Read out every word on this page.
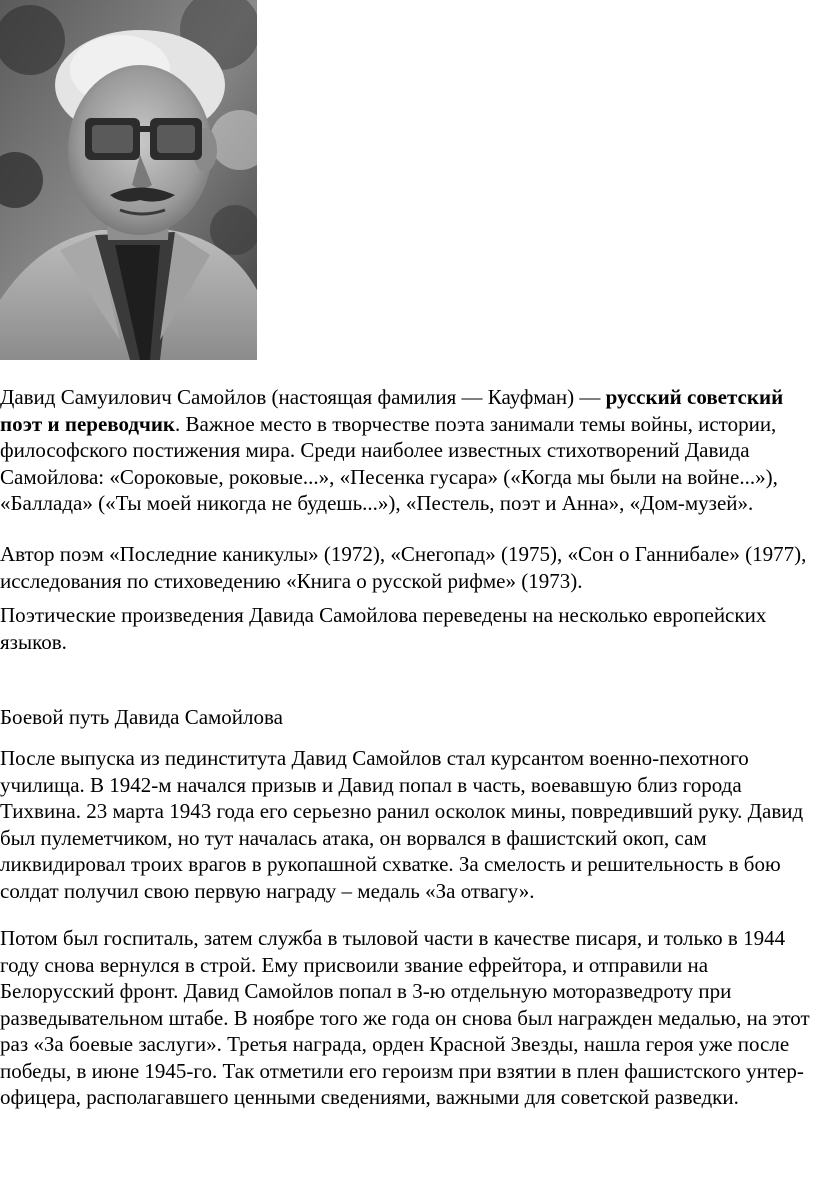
Давид Самуилович Самойлов (настоящая фамилия — Кауфман) — русский советский поэт и переводчик. Важное место в творчестве поэта занимали темы войны, истории, философского постижения мира. Среди наиболее известных стихотворений Давида Самойлова: «Сороковые, роковые...», «Песенка гусара» («Когда мы были на войне...»), «Баллада» («Ты моей никогда не будешь...»), «Пестель, поэт и Анна», «Дом-музей».

Автор поэм «Последние каникулы» (1972), «Снегопад» (1975), «Сон о Ганнибале» (1977), исследования по стиховедению «Книга о русской рифме» (1973).

Поэтические произведения Давида Самойлова переведены на несколько европейских языков.

Боевой путь Давида Самойлова

После выпуска из пединститута Давид Самойлов стал курсантом военно-пехотного училища. В 1942-м начался призыв и Давид попал в часть, воевавшую близ города Тихвина. 23 марта 1943 года его серьезно ранил осколок мины, повредивший руку. Давид был пулеметчиком, но тут началась атака, он ворвался в фашистский окоп, сам ликвидировал троих врагов в рукопашной схватке. За смелость и решительность в бою солдат получил свою первую награду – медаль «За отвагу».

Потом был госпиталь, затем служба в тыловой части в качестве писаря, и только в 1944 году снова вернулся в строй. Ему присвоили звание ефрейтора, и отправили на Белорусский фронт. Давид Самойлов попал в 3-ю отдельную моторазведроту при разведывательном штабе. В ноябре того же года он снова был награжден медалью, на этот раз «За боевые заслуги». Третья награда, орден Красной Звезды, нашла героя уже после победы, в июне 1945-го. Так отметили его героизм при взятии в плен фашистского унтер-офицера, располагавшего ценными сведениями, важными для советской разведки.
